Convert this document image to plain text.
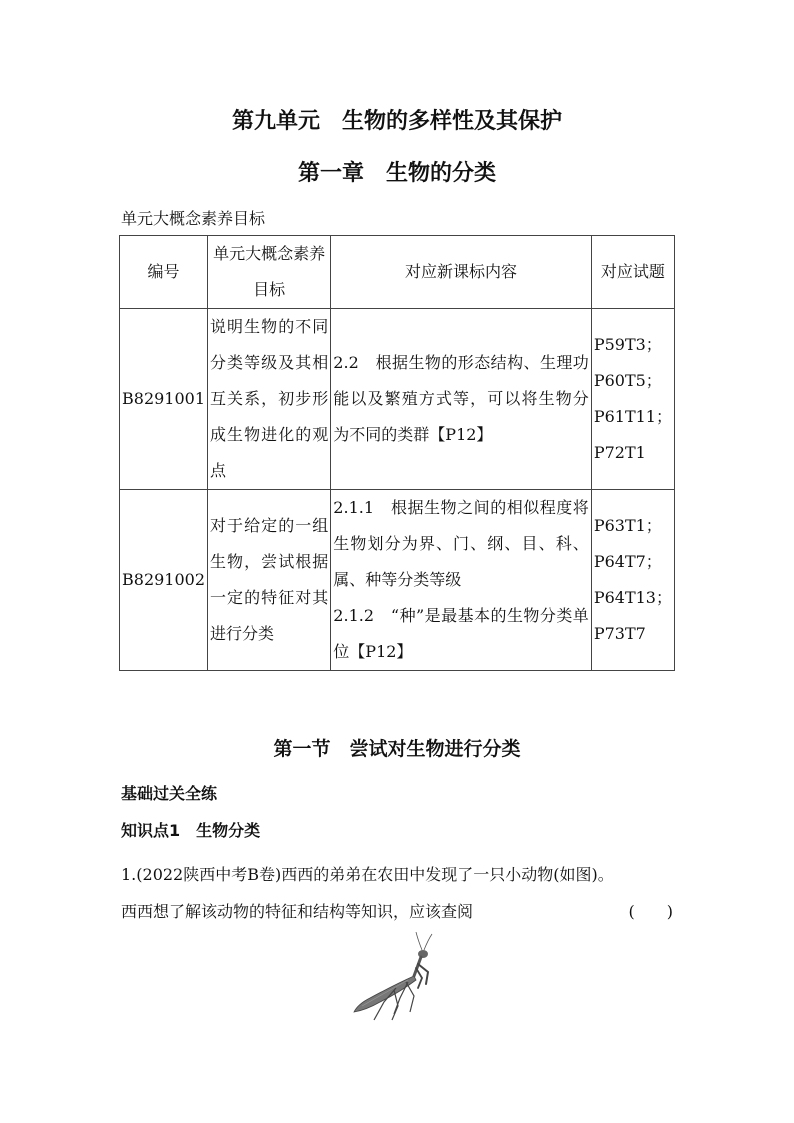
第九单元　生物的多样性及其保护
第一章　生物的分类
单元大概念素养目标
编号	单元大概念素养目标	对应新课标内容	对应试题
B8291001	说明生物的不同分类等级及其相互关系，初步形成生物进化的观点	2.2　根据生物的形态结构、生理功能以及繁殖方式等，可以将生物分为不同的类群【P12】	P59T3；
P60T5；
P61T11；
P72T1

B8291002	对于给定的一组生物，尝试根据一定的特征对其进行分类	2.1.1　根据生物之间的相似程度将生物划分为界、门、纲、目、科、属、种等分类等级
2.1.2　“种”是最基本的生物分类单位【P12】	P63T1；
P64T7；
P64T13；
P73T7
第一节　尝试对生物进行分类
基础过关全练
知识点1　生物分类
1.(2022陕西中考B卷)西西的弟弟在农田中发现了一只小动物(如图)。
西西想了解该动物的特征和结构等知识，应该查阅	(　　)
